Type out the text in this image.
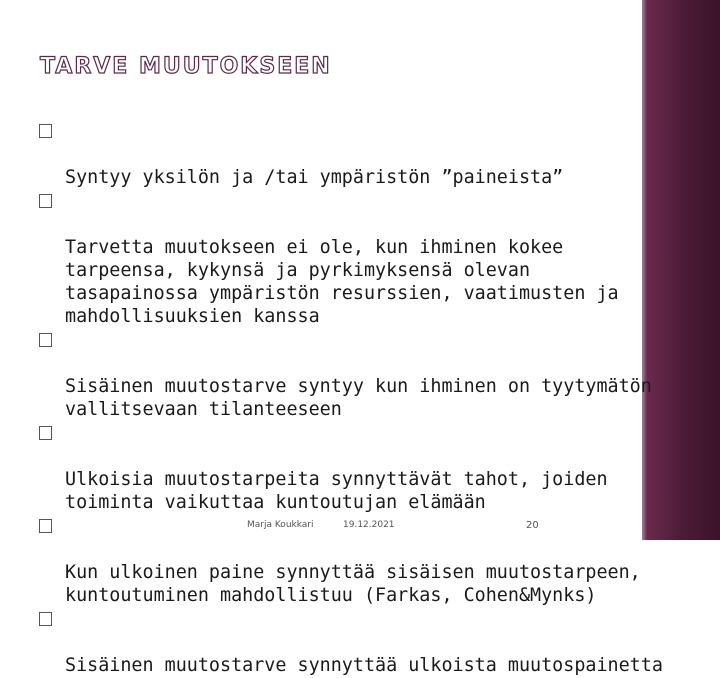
TARVE MUUTOKSEEN

Syntyy yksilön ja /tai ympäristön ”paineista”

Tarvetta muutokseen ei ole, kun ihminen kokee
tarpeensa, kykynsä ja pyrkimyksensä olevan
tasapainossa ympäristön resurssien, vaatimusten ja
mahdollisuuksien kanssa

Sisäinen muutostarve syntyy kun ihminen on tyytymätön
vallitsevaan tilanteeseen

Ulkoisia muutostarpeita synnyttävät tahot, joiden
toiminta vaikuttaa kuntoutujan elämään

Kun ulkoinen paine synnyttää sisäisen muutostarpeen,
kuntoutuminen mahdollistuu (Farkas, Cohen&Mynks)

Sisäinen muutostarve synnyttää ulkoista muutospainetta

Marja Koukkari	19.12.2021	20
